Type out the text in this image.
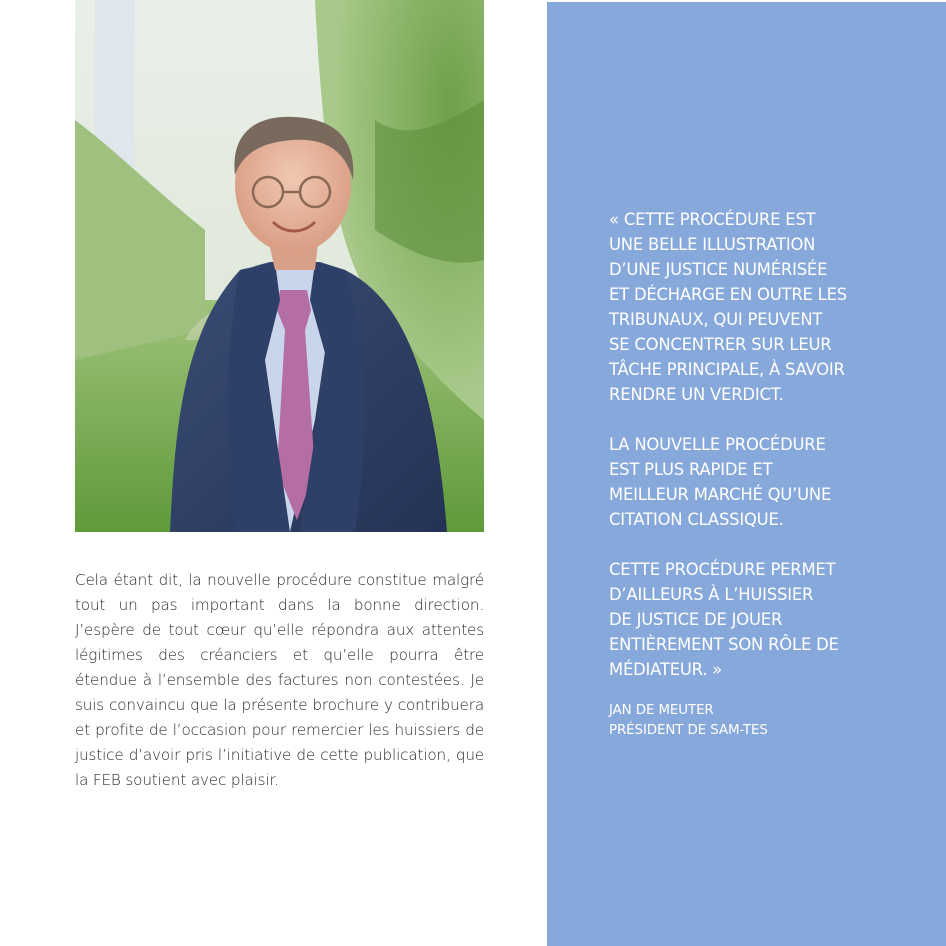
Cela étant dit, la nouvelle procédure constitue malgré tout un pas important dans la bonne direction. J’espère de tout cœur qu’elle répondra aux attentes légitimes des créanciers et qu’elle pourra être étendue à l’ensemble des factures non contestées. Je suis convaincu que la présente brochure y contribuera et profite de l’occasion pour remercier les huissiers de justice d’avoir pris l’initiative de cette publication, que la FEB soutient avec plaisir.

« CETTE PROCÉDURE EST
UNE BELLE ILLUSTRATION
D’UNE JUSTICE NUMÉRISÉE
ET DÉCHARGE EN OUTRE LES
TRIBUNAUX, QUI PEUVENT
SE CONCENTRER SUR LEUR
TÂCHE PRINCIPALE, À SAVOIR
RENDRE UN VERDICT.

LA NOUVELLE PROCÉDURE
EST PLUS RAPIDE ET
MEILLEUR MARCHÉ QU’UNE
CITATION CLASSIQUE.

CETTE PROCÉDURE PERMET
D’AILLEURS À L’HUISSIER
DE JUSTICE DE JOUER
ENTIÈREMENT SON RÔLE DE
MÉDIATEUR. »

JAN DE MEUTER
PRÉSIDENT DE SAM-TES
